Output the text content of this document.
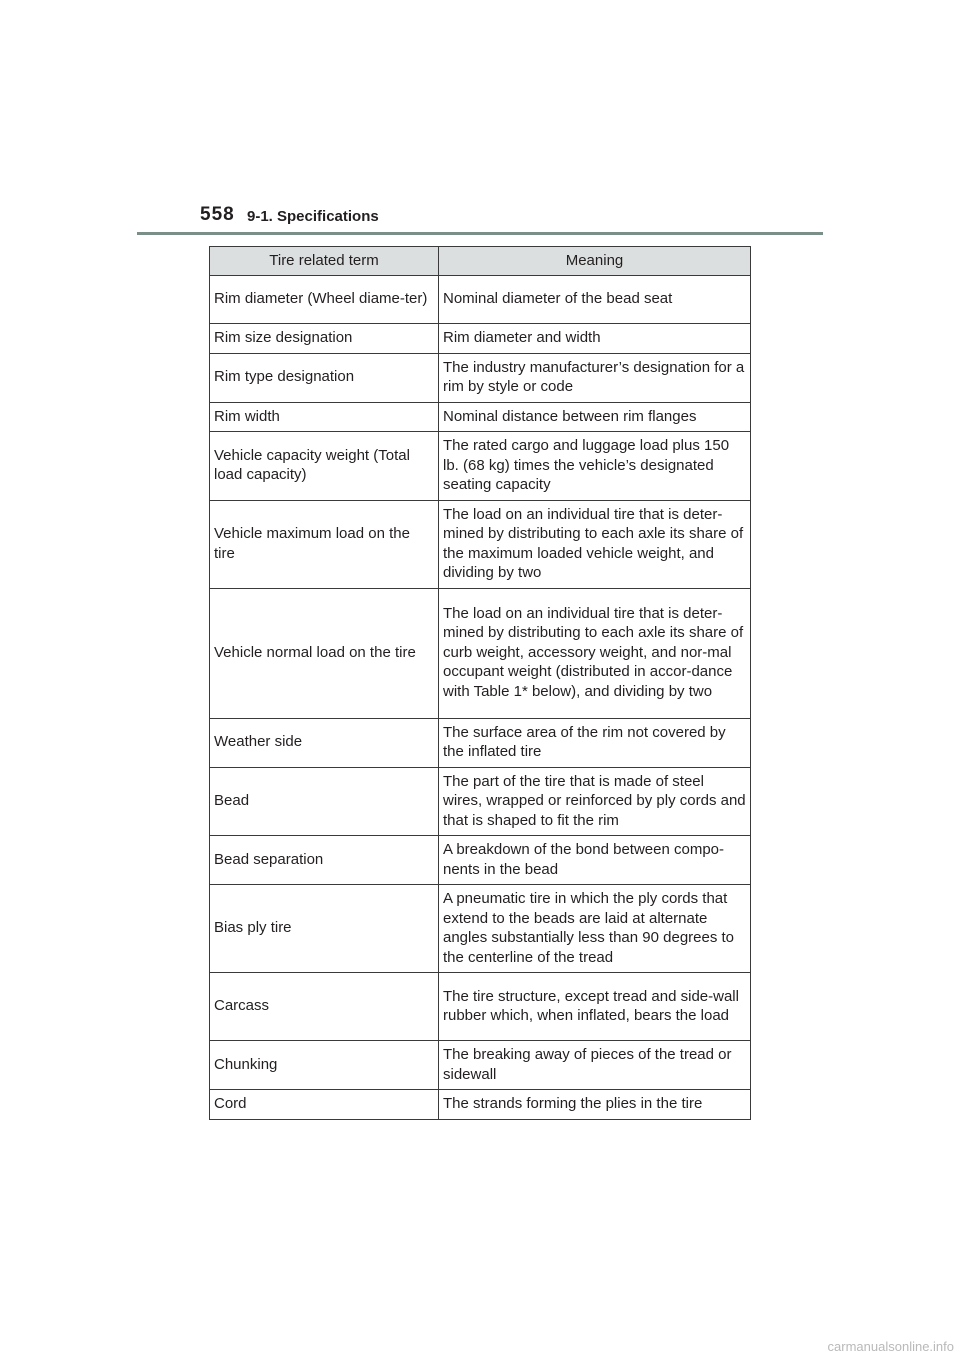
558 9-1. Specifications
Tire related term	Meaning
Rim diameter (Wheel diame-ter)	Nominal diameter of the bead seat
Rim size designation	Rim diameter and width
Rim type designation	The industry manufacturer’s designation for a rim by style or code
Rim width	Nominal distance between rim flanges
Vehicle capacity weight (Total load capacity)	The rated cargo and luggage load plus 150 lb. (68 kg) times the vehicle’s designated seating capacity
Vehicle maximum load on the tire	The load on an individual tire that is deter-mined by distributing to each axle its share of the maximum loaded vehicle weight, and dividing by two
Vehicle normal load on the tire	The load on an individual tire that is deter-mined by distributing to each axle its share of curb weight, accessory weight, and nor-mal occupant weight (distributed in accor-dance with Table 1* below), and dividing by two
Weather side	The surface area of the rim not covered by the inflated tire
Bead	The part of the tire that is made of steel wires, wrapped or reinforced by ply cords and that is shaped to fit the rim
Bead separation	A breakdown of the bond between compo-nents in the bead
Bias ply tire	A pneumatic tire in which the ply cords that extend to the beads are laid at alternate angles substantially less than 90 degrees to the centerline of the tread
Carcass	The tire structure, except tread and side-wall rubber which, when inflated, bears the load
Chunking	The breaking away of pieces of the tread or sidewall
Cord	The strands forming the plies in the tire
carmanualsonline.info
